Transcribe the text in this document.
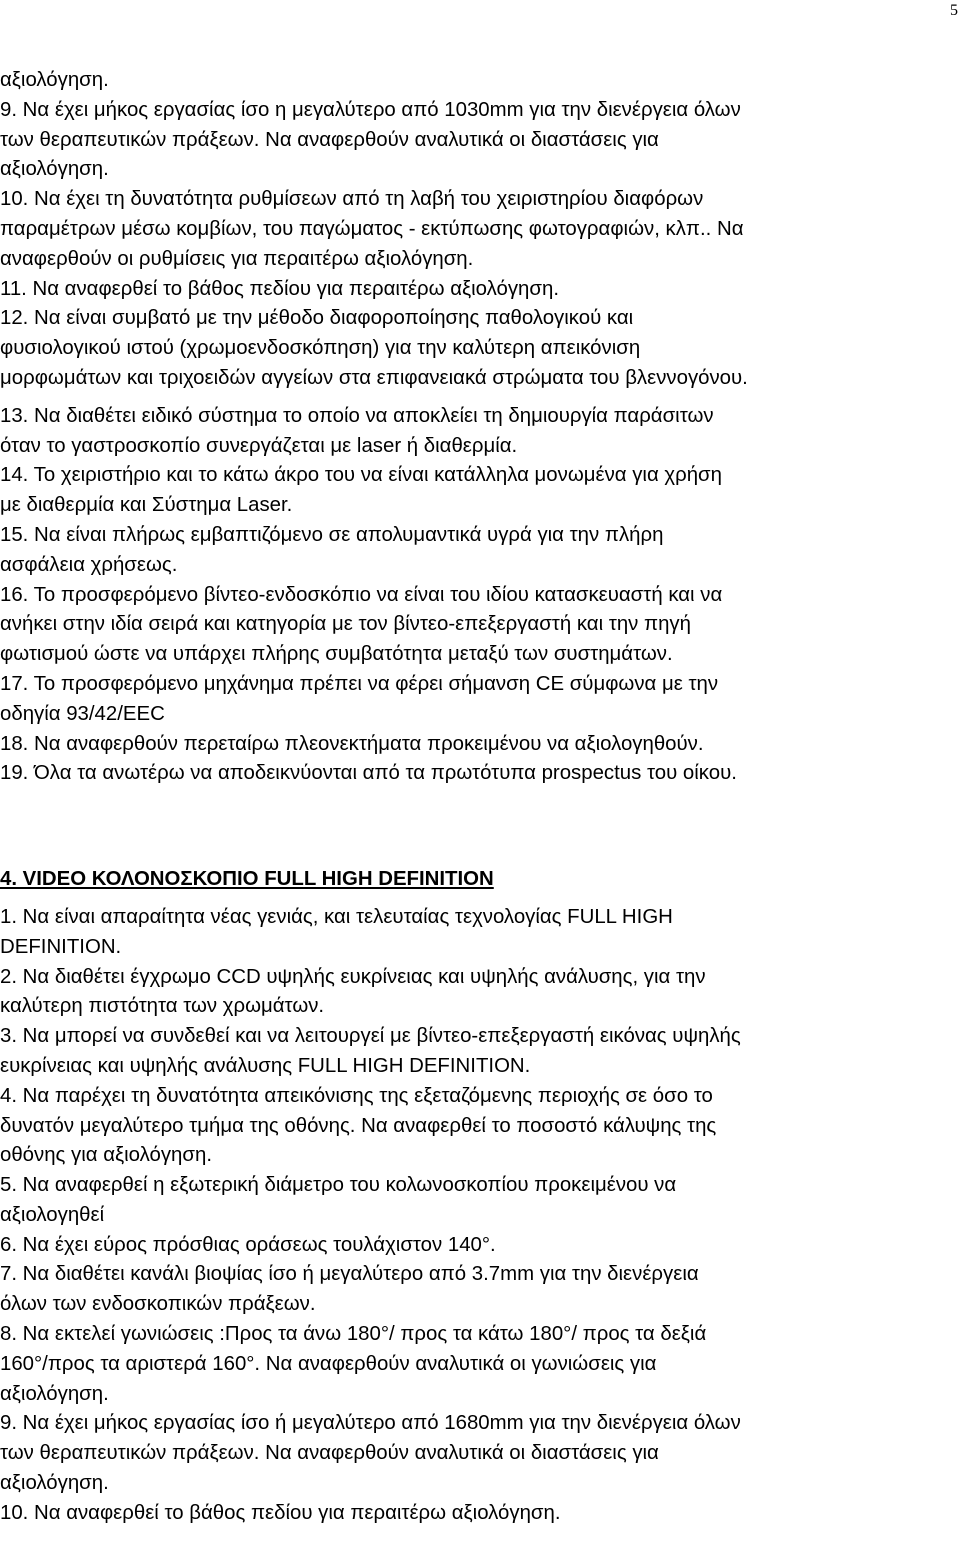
5

αξιολόγηση.

9. Να έχει μήκος εργασίας ίσο η μεγαλύτερο από 1030mm για την διενέργεια όλων

των θεραπευτικών πράξεων. Να αναφερθούν αναλυτικά οι διαστάσεις για

αξιολόγηση.

10. Να έχει τη δυνατότητα ρυθμίσεων από τη λαβή του χειριστηρίου διαφόρων

παραμέτρων μέσω κομβίων, του παγώματος - εκτύπωσης φωτογραφιών, κλπ.. Να

αναφερθούν οι ρυθμίσεις για περαιτέρω αξιολόγηση.

11. Να αναφερθεί το βάθος πεδίου για περαιτέρω αξιολόγηση.

12. Να είναι συμβατό με την μέθοδο διαφοροποίησης παθολογικού και

φυσιολογικού ιστού (χρωμοενδοσκόπηση) για την καλύτερη απεικόνιση

μορφωμάτων και τριχοειδών αγγείων στα επιφανειακά στρώματα του βλεννογόνου.

13. Να διαθέτει ειδικό σύστημα το οποίο να αποκλείει τη δημιουργία παράσιτων

όταν το γαστροσκοπίο συνεργάζεται με laser ή διαθερμία.

14. Το χειριστήριο και το κάτω άκρο του να είναι κατάλληλα μονωμένα για χρήση

με διαθερμία και Σύστημα Laser.

15. Να είναι πλήρως εμβαπτιζόμενο σε απολυμαντικά υγρά για την πλήρη

ασφάλεια χρήσεως.

16. Το προσφερόμενο βίντεο-ενδοσκόπιο να είναι του ιδίου κατασκευαστή και να

ανήκει στην ιδία σειρά και κατηγορία με τον βίντεο-επεξεργαστή και την πηγή

φωτισμού ώστε να υπάρχει πλήρης συμβατότητα μεταξύ των συστημάτων.

17. Το προσφερόμενο μηχάνημα πρέπει να φέρει σήμανση CE σύμφωνα με την

οδηγία 93/42/EEC

18. Να αναφερθούν περεταίρω πλεονεκτήματα προκειμένου να αξιολογηθούν.

19. Όλα τα ανωτέρω να αποδεικνύονται από τα πρωτότυπα prospectus του οίκου.

4. VIDEO ΚΟΛΟΝΟΣΚΟΠΙΟ FULL HIGH DEFINITION

1. Να είναι απαραίτητα νέας γενιάς, και τελευταίας τεχνολογίας FULL HIGH

DEFINITION.

2. Να διαθέτει έγχρωμο CCD υψηλής ευκρίνειας και υψηλής ανάλυσης, για την

καλύτερη πιστότητα των χρωμάτων.

3. Να μπορεί να συνδεθεί και να λειτουργεί με βίντεο-επεξεργαστή εικόνας υψηλής

ευκρίνειας και υψηλής ανάλυσης FULL HIGH DEFINITION.

4. Να παρέχει τη δυνατότητα απεικόνισης της εξεταζόμενης περιοχής σε όσο το

δυνατόν μεγαλύτερο τμήμα της οθόνης. Να αναφερθεί το ποσοστό κάλυψης της

οθόνης για αξιολόγηση.

5. Να αναφερθεί η εξωτερική διάμετρο του κολωνοσκοπίου προκειμένου να

αξιολογηθεί

6. Να έχει εύρος πρόσθιας οράσεως τουλάχιστον 140°.

7. Να διαθέτει κανάλι βιοψίας ίσο ή μεγαλύτερο από 3.7mm για την διενέργεια

όλων των ενδοσκοπικών πράξεων.

8. Να εκτελεί γωνιώσεις :Προς τα άνω 180°/ προς τα κάτω 180°/ προς τα δεξιά

160°/προς τα αριστερά 160°. Να αναφερθούν αναλυτικά οι γωνιώσεις για

αξιολόγηση.

9. Να έχει μήκος εργασίας ίσο ή μεγαλύτερο από 1680mm για την διενέργεια όλων

των θεραπευτικών πράξεων. Να αναφερθούν αναλυτικά οι διαστάσεις για

αξιολόγηση.

10. Να αναφερθεί το βάθος πεδίου για περαιτέρω αξιολόγηση.
